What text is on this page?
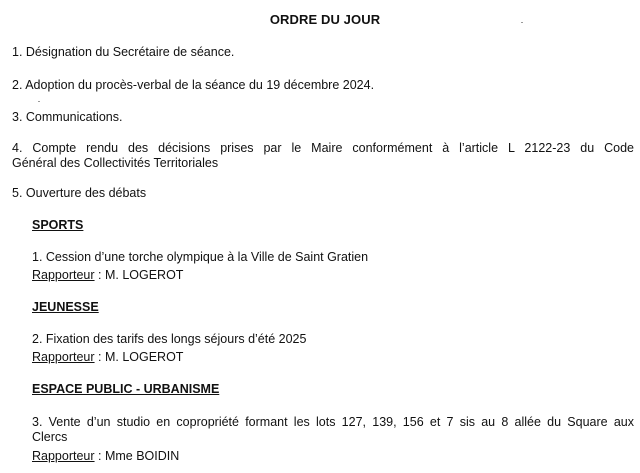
ORDRE DU JOUR
1. Désignation du Secrétaire de séance.
2. Adoption du procès-verbal de la séance du 19 décembre 2024.
3. Communications.
4. Compte rendu des décisions prises par le Maire conformément à l’article L 2122-23 du Code
Général des Collectivités Territoriales
5. Ouverture des débats
SPORTS
1. Cession d’une torche olympique à la Ville de Saint Gratien
Rapporteur : M. LOGEROT
JEUNESSE
2. Fixation des tarifs des longs séjours d’été 2025
Rapporteur : M. LOGEROT
ESPACE PUBLIC - URBANISME
3. Vente d’un studio en copropriété formant les lots 127, 139, 156 et 7 sis au 8 allée du Square aux
Clercs
Rapporteur : Mme BOIDIN
